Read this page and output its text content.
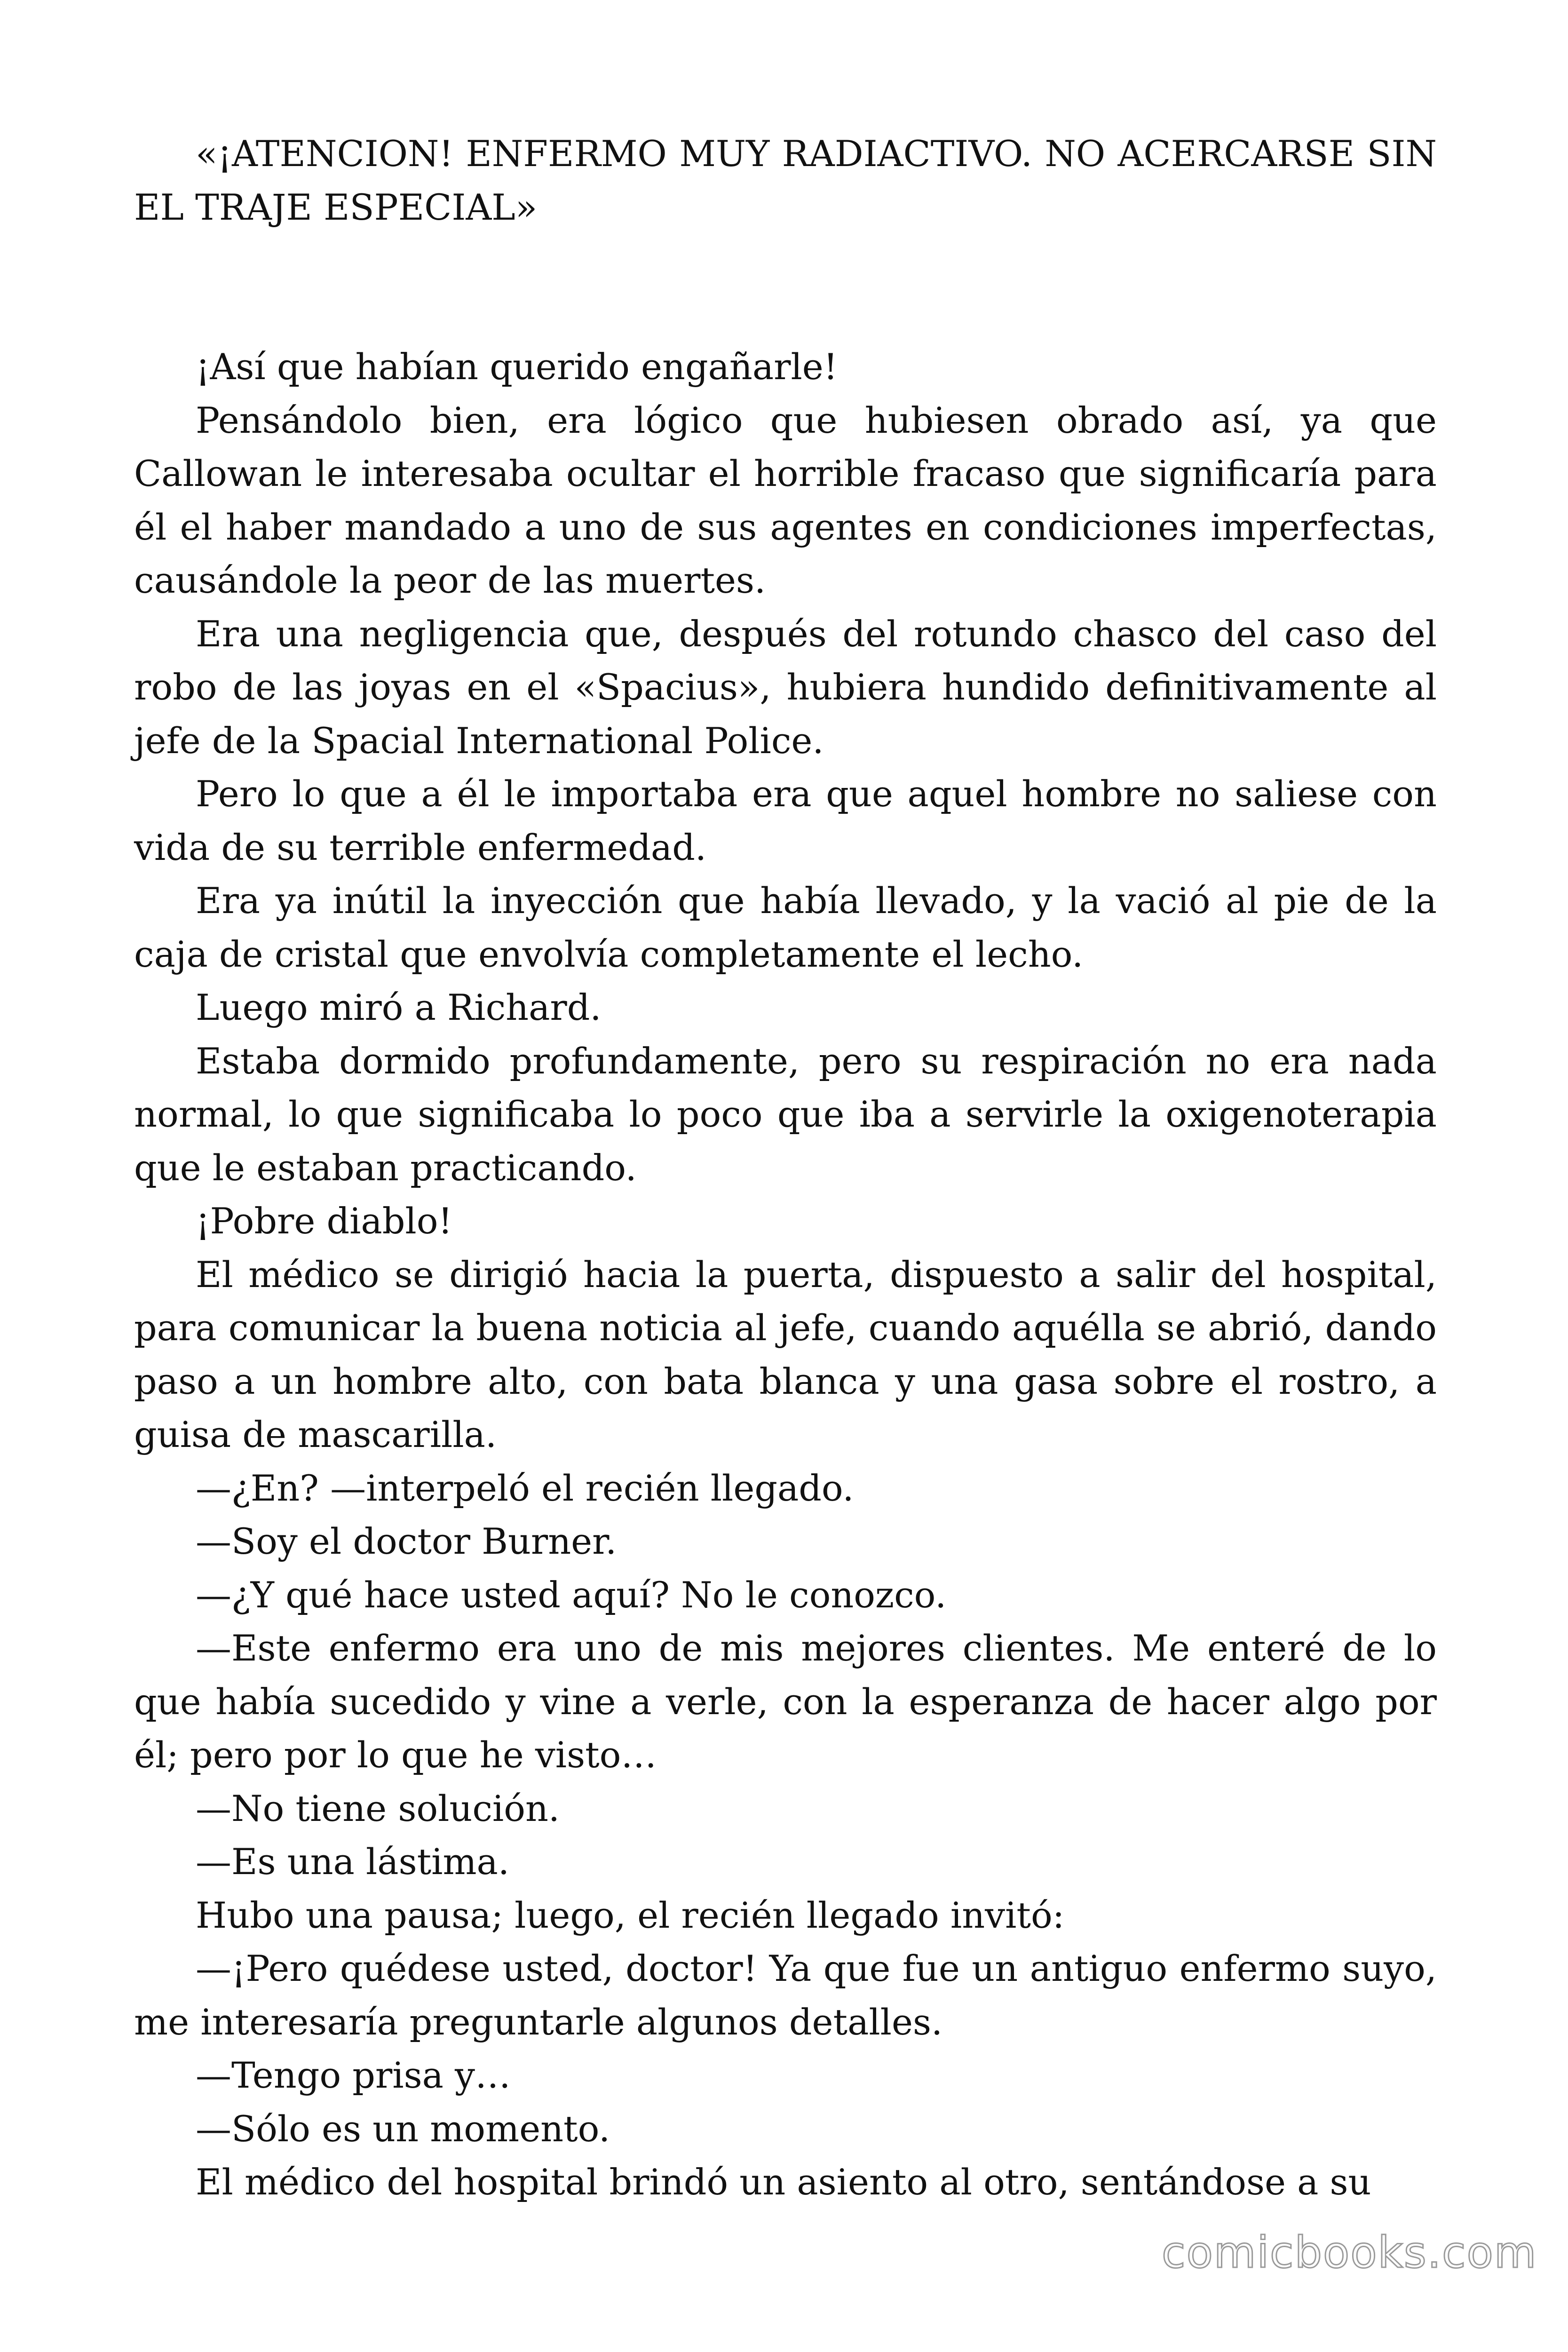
«¡ATENCION! ENFERMO MUY RADIACTIVO. NO ACERCARSE SIN EL TRAJE ESPECIAL»

¡Así que habían querido engañarle!

Pensándolo bien, era lógico que hubiesen obrado así, ya que Callowan le interesaba ocultar el horrible fracaso que significaría para él el haber mandado a uno de sus agentes en condiciones imperfectas, causándole la peor de las muertes.

Era una negligencia que, después del rotundo chasco del caso del robo de las joyas en el «Spacius», hubiera hundido definitivamente al jefe de la Spacial International Police.

Pero lo que a él le importaba era que aquel hombre no saliese con vida de su terrible enfermedad.

Era ya inútil la inyección que había llevado, y la vació al pie de la caja de cristal que envolvía completamente el lecho.

Luego miró a Richard.

Estaba dormido profundamente, pero su respiración no era nada normal, lo que significaba lo poco que iba a servirle la oxigenoterapia que le estaban practicando.

¡Pobre diablo!

El médico se dirigió hacia la puerta, dispuesto a salir del hospital, para comunicar la buena noticia al jefe, cuando aquélla se abrió, dando paso a un hombre alto, con bata blanca y una gasa sobre el rostro, a guisa de mascarilla.

—¿En? —interpeló el recién llegado.

—Soy el doctor Burner.

—¿Y qué hace usted aquí? No le conozco.

—Este enfermo era uno de mis mejores clientes. Me enteré de lo que había sucedido y vine a verle, con la esperanza de hacer algo por él; pero por lo que he visto…

—No tiene solución.

—Es una lástima.

Hubo una pausa; luego, el recién llegado invitó:

—¡Pero quédese usted, doctor! Ya que fue un antiguo enfermo suyo, me interesaría preguntarle algunos detalles.

—Tengo prisa y…

—Sólo es un momento.

El médico del hospital brindó un asiento al otro, sentándose a su

comicbooks.com
